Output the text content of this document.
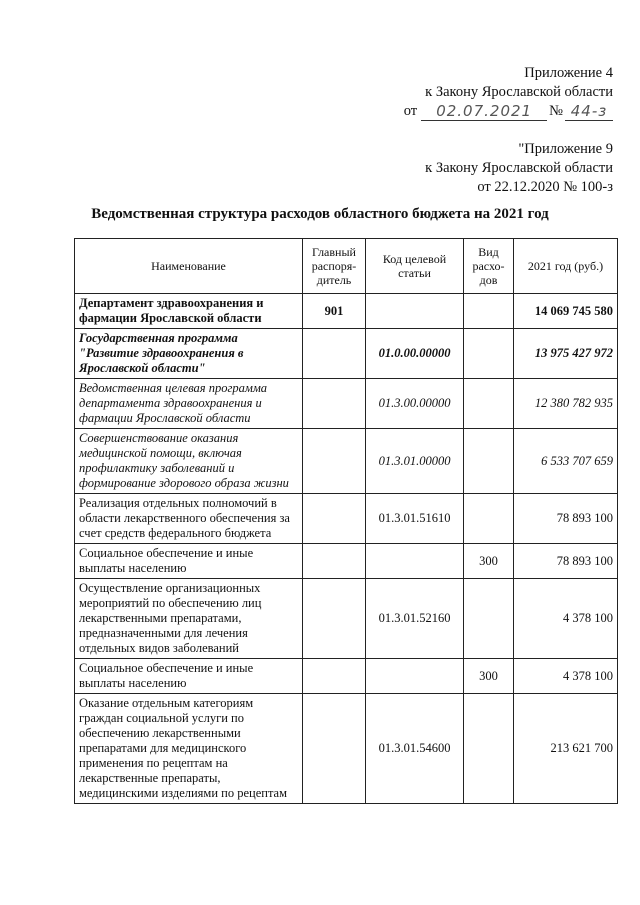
Приложение 4
к Закону Ярославской области
от	02.07.2021	№ 44-з
"Приложение 9
к Закону Ярославской области
от 22.12.2020 № 100-з
Ведомственная структура расходов областного бюджета на 2021 год
Наименование	Главный распоря-дитель	Код целевой статьи	Вид расхо-дов	2021 год (руб.)
Департамент здравоохранения и фармации Ярославской области	901			14 069 745 580
Государственная программа "Развитие здравоохранения в Ярославской области"		01.0.00.00000		13 975 427 972
Ведомственная целевая программа департамента здравоохранения и фармации Ярославской области		01.3.00.00000		12 380 782 935
Совершенствование оказания медицинской помощи, включая профилактику заболеваний и формирование здорового образа жизни		01.3.01.00000		6 533 707 659
Реализация отдельных полномочий в области лекарственного обеспечения за счет средств федерального бюджета		01.3.01.51610		78 893 100
Социальное обеспечение и иные выплаты населению			300	78 893 100
Осуществление организационных мероприятий по обеспечению лиц лекарственными препаратами, предназначенными для лечения отдельных видов заболеваний		01.3.01.52160		4 378 100
Социальное обеспечение и иные выплаты населению			300	4 378 100
Оказание отдельным категориям граждан социальной услуги по обеспечению лекарственными препаратами для медицинского применения по рецептам на лекарственные препараты, медицинскими изделиями по рецептам		01.3.01.54600		213 621 700
